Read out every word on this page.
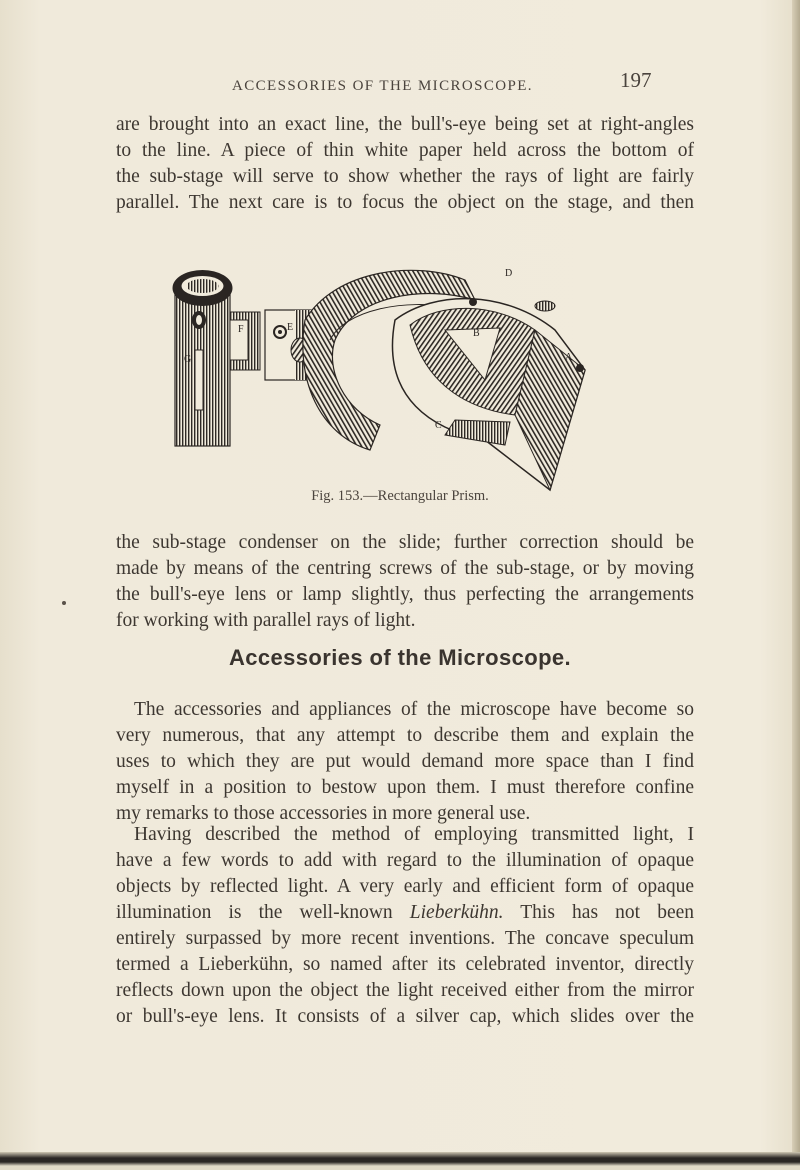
ACCESSORIES OF THE MICROSCOPE.	197

are brought into an exact line, the bull's-eye being set at right-angles
to the line. A piece of thin white paper held across the bottom of
the sub-stage will serve to show whether the rays of light are fairly
parallel. The next care is to focus the object on the stage, and then

D
E
F
G
B
A
C
Fig. 153.—Rectangular Prism.

the sub-stage condenser on the slide; further correction should be
made by means of the centring screws of the sub-stage, or by moving
the bull's-eye lens or lamp slightly, thus perfecting the arrangements
for working with parallel rays of light.

Accessories of the Microscope.

The accessories and appliances of the microscope have become so
very numerous, that any attempt to describe them and explain the
uses to which they are put would demand more space than I find
myself in a position to bestow upon them. I must therefore confine
my remarks to those accessories in more general use.

Having described the method of employing transmitted light, I
have a few words to add with regard to the illumination of opaque
objects by reflected light. A very early and efficient form of opaque
illumination is the well-known Lieberkühn. This has not been
entirely surpassed by more recent inventions. The concave speculum
termed a Lieberkühn, so named after its celebrated inventor, directly
reflects down upon the object the light received either from the mirror
or bull's-eye lens. It consists of a silver cap, which slides over the
